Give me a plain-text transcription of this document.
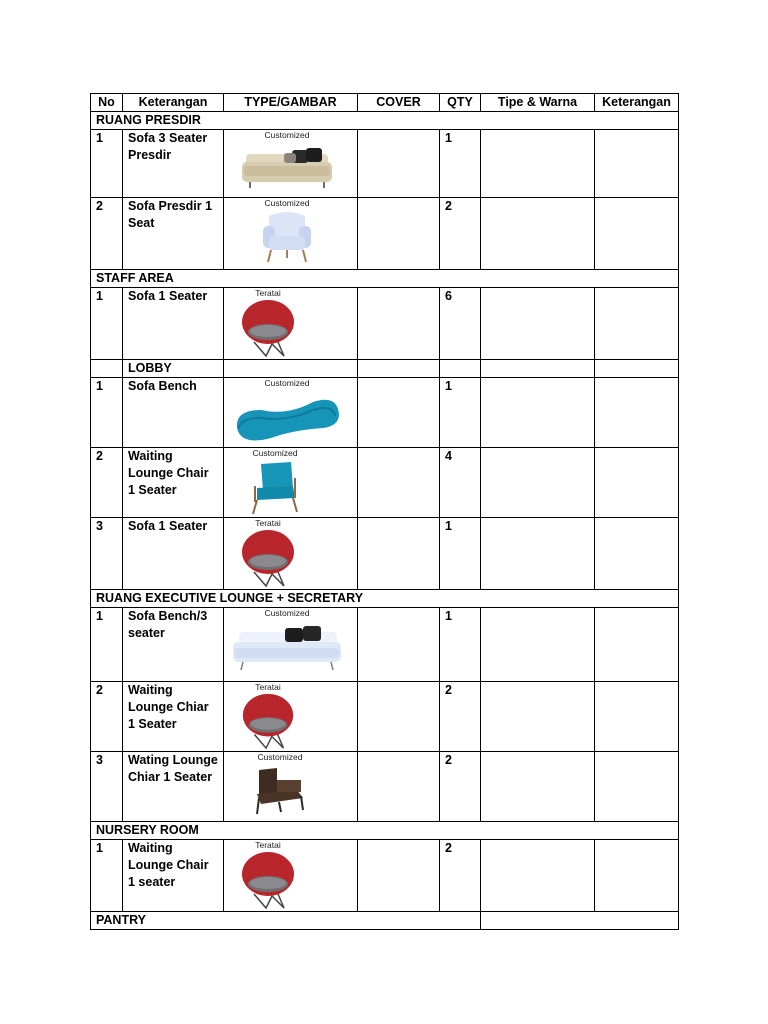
No	Keterangan	TYPE/GAMBAR	COVER	QTY	Tipe & Warna	Keterangan
RUANG PRESDIR						
1	Sofa 3 Seater Presdir	Customized		1		
2	Sofa Presdir 1 Seat	Customized		2		
STAFF AREA						
1	Sofa 1 Seater	Teratai		6		
	LOBBY					
1	Sofa Bench	Customized		1		
2	Waiting Lounge Chair 1 Seater	Customized		4		
3	Sofa 1 Seater	Teratai		1		
RUANG EXECUTIVE LOUNGE + SECRETARY						
1	Sofa Bench/3 seater	Customized		1		
2	Waiting Lounge Chiar 1 Seater	Teratai		2		
3	Wating Lounge Chiar 1 Seater	Customized		2		
NURSERY ROOM						
1	Waiting Lounge Chair 1 seater	Teratai		2		
PANTRY						
